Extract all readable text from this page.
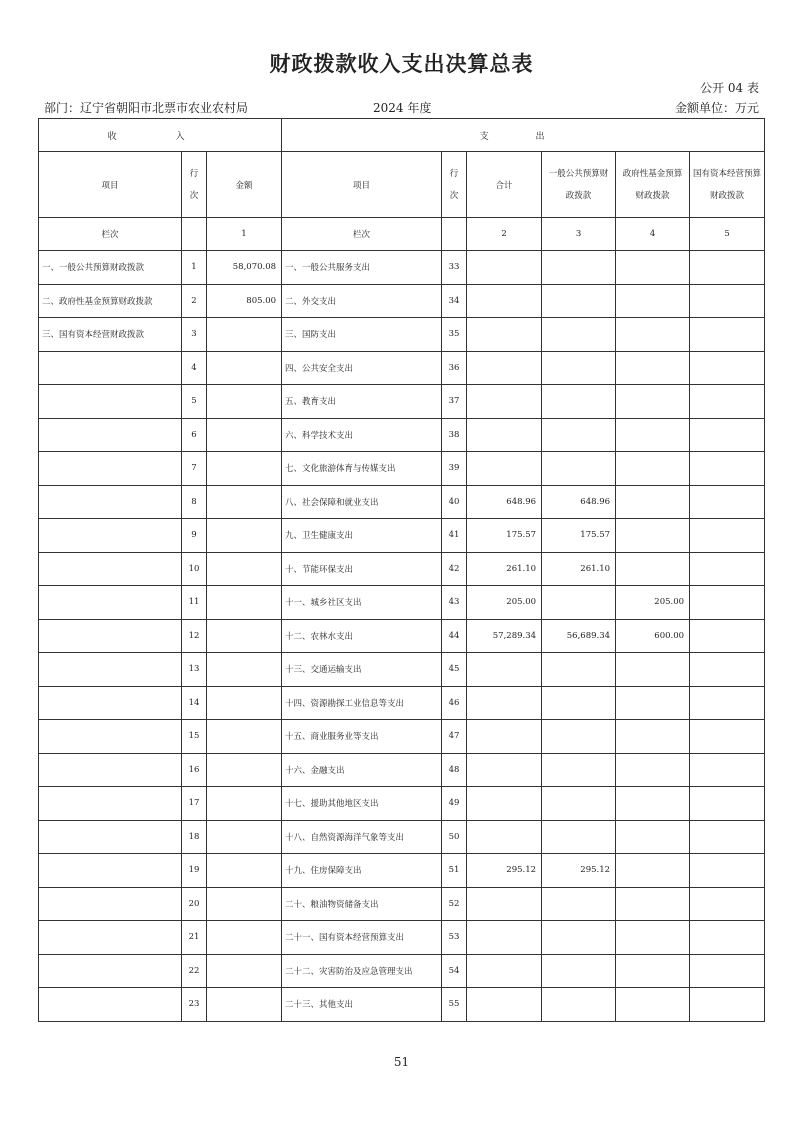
财政拨款收入支出决算总表
公开 04 表
部门：辽宁省朝阳市北票市农业农村局	2024 年度	金额单位：万元
收 入			支 出					
项目	行次	金额	项目	行次	合计	一般公共预算财政拨款	政府性基金预算财政拨款	国有资本经营预算财政拨款
栏次		1	栏次		2	3	4	5
一、一般公共预算财政拨款	1	58,070.08	一、一般公共服务支出	33				
二、政府性基金预算财政拨款	2	805.00	二、外交支出	34				
三、国有资本经营财政拨款	3		三、国防支出	35				
	4		四、公共安全支出	36				
	5		五、教育支出	37				
	6		六、科学技术支出	38				
	7		七、文化旅游体育与传媒支出	39				
	8		八、社会保障和就业支出	40	648.96	648.96		
	9		九、卫生健康支出	41	175.57	175.57		
	10		十、节能环保支出	42	261.10	261.10		
	11		十一、城乡社区支出	43	205.00		205.00	
	12		十二、农林水支出	44	57,289.34	56,689.34	600.00	
	13		十三、交通运输支出	45				
	14		十四、资源勘探工业信息等支出	46				
	15		十五、商业服务业等支出	47				
	16		十六、金融支出	48				
	17		十七、援助其他地区支出	49				
	18		十八、自然资源海洋气象等支出	50				
	19		十九、住房保障支出	51	295.12	295.12		
	20		二十、粮油物资储备支出	52				
	21		二十一、国有资本经营预算支出	53				
	22		二十二、灾害防治及应急管理支出	54				
	23		二十三、其他支出	55				
51
